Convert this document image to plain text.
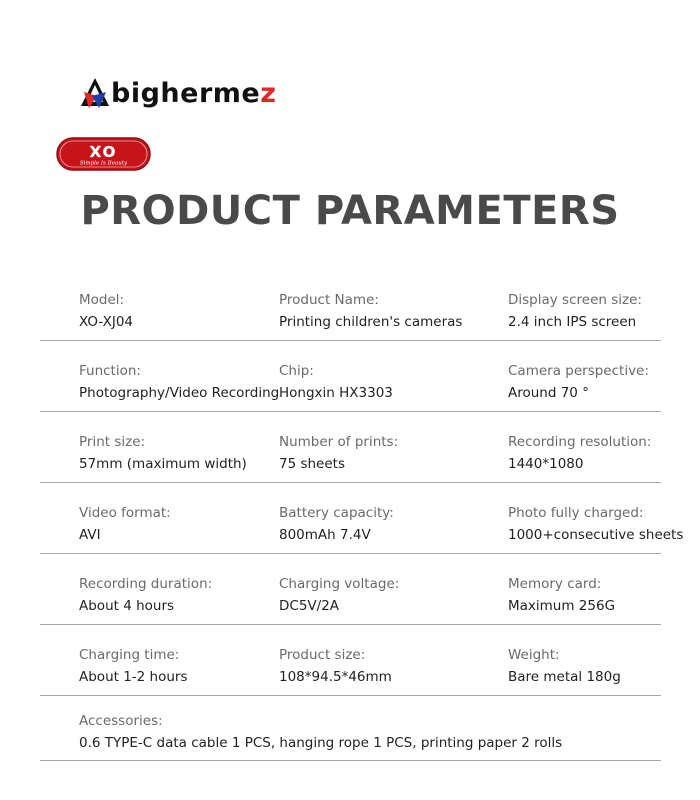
bighermez
XO
Simple Is Beauty
PRODUCT PARAMETERS
Model:
XO-XJ04
Product Name:
Printing children's cameras
Display screen size:
2.4 inch IPS screen
Function:
Photography/Video Recording
Chip:
Hongxin HX3303
Camera perspective:
Around 70 °
Print size:
57mm (maximum width)
Number of prints:
75 sheets
Recording resolution:
1440*1080
Video format:
AVI
Battery capacity:
800mAh 7.4V
Photo fully charged:
1000+consecutive sheets
Recording duration:
About 4 hours
Charging voltage:
DC5V/2A
Memory card:
Maximum 256G
Charging time:
About 1-2 hours
Product size:
108*94.5*46mm
Weight:
Bare metal 180g
Accessories:
0.6 TYPE-C data cable 1 PCS, hanging rope 1 PCS, printing paper 2 rolls
